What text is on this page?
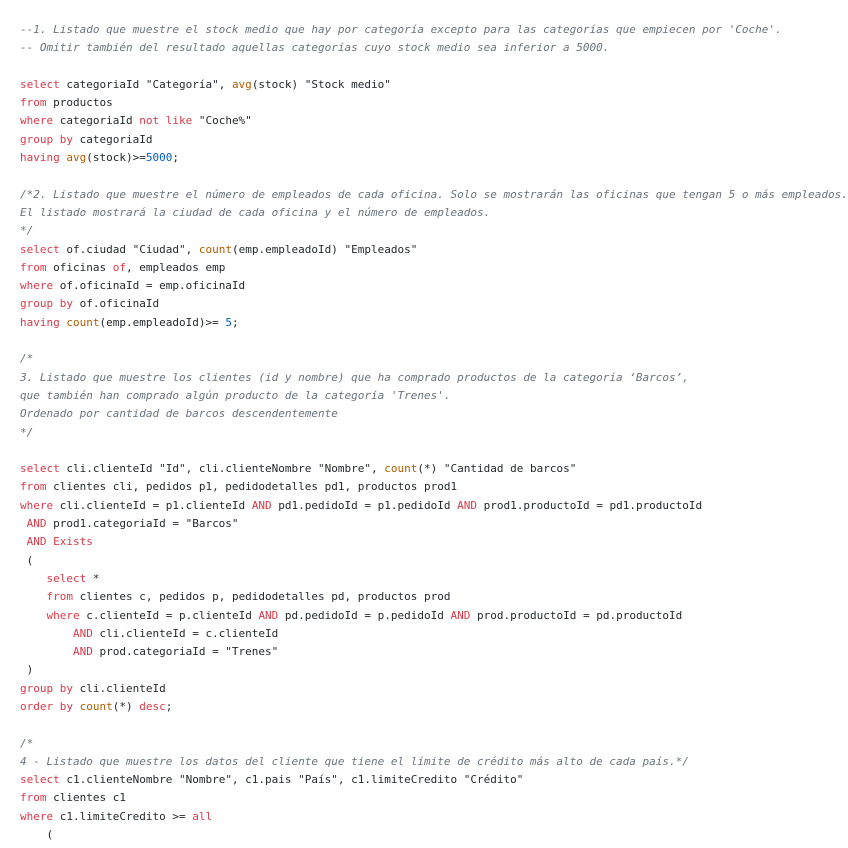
--1. Listado que muestre el stock medio que hay por categoría excepto para las categorías que empiecen por 'Coche'.
-- Omitir también del resultado aquellas categorías cuyo stock medio sea inferior a 5000.
select categoriaId "Categoría", avg(stock) "Stock medio"
from productos
where categoriaId not like "Coche%"
group by categoriaId
having avg(stock)>=5000;
/*2. Listado que muestre el número de empleados de cada oficina. Solo se mostrarán las oficinas que tengan 5 o más empleados.
El listado mostrará la ciudad de cada oficina y el número de empleados.
*/
select of.ciudad "Ciudad", count(emp.empleadoId) "Empleados"
from oficinas of, empleados emp
where of.oficinaId = emp.oficinaId
group by of.oficinaId
having count(emp.empleadoId)>= 5;
/*
3. Listado que muestre los clientes (id y nombre) que ha comprado productos de la categoría ‘Barcos’,
que también han comprado algún producto de la categoría 'Trenes'.
Ordenado por cantidad de barcos descendentemente
*/
select cli.clienteId "Id", cli.clienteNombre "Nombre", count(*) "Cantidad de barcos"
from clientes cli, pedidos p1, pedidodetalles pd1, productos prod1
where cli.clienteId = p1.clienteId AND pd1.pedidoId = p1.pedidoId AND prod1.productoId = pd1.productoId
AND prod1.categoriaId = "Barcos"
AND Exists
(
select *
from clientes c, pedidos p, pedidodetalles pd, productos prod
where c.clienteId = p.clienteId AND pd.pedidoId = p.pedidoId AND prod.productoId = pd.productoId
AND cli.clienteId = c.clienteId
AND prod.categoriaId = "Trenes"
)
group by cli.clienteId
order by count(*) desc;
/*
4 - Listado que muestre los datos del cliente que tiene el límite de crédito más alto de cada país.*/
select c1.clienteNombre "Nombre", c1.pais "País", c1.limiteCredito "Crédito"
from clientes c1
where c1.limiteCredito >= all
(
